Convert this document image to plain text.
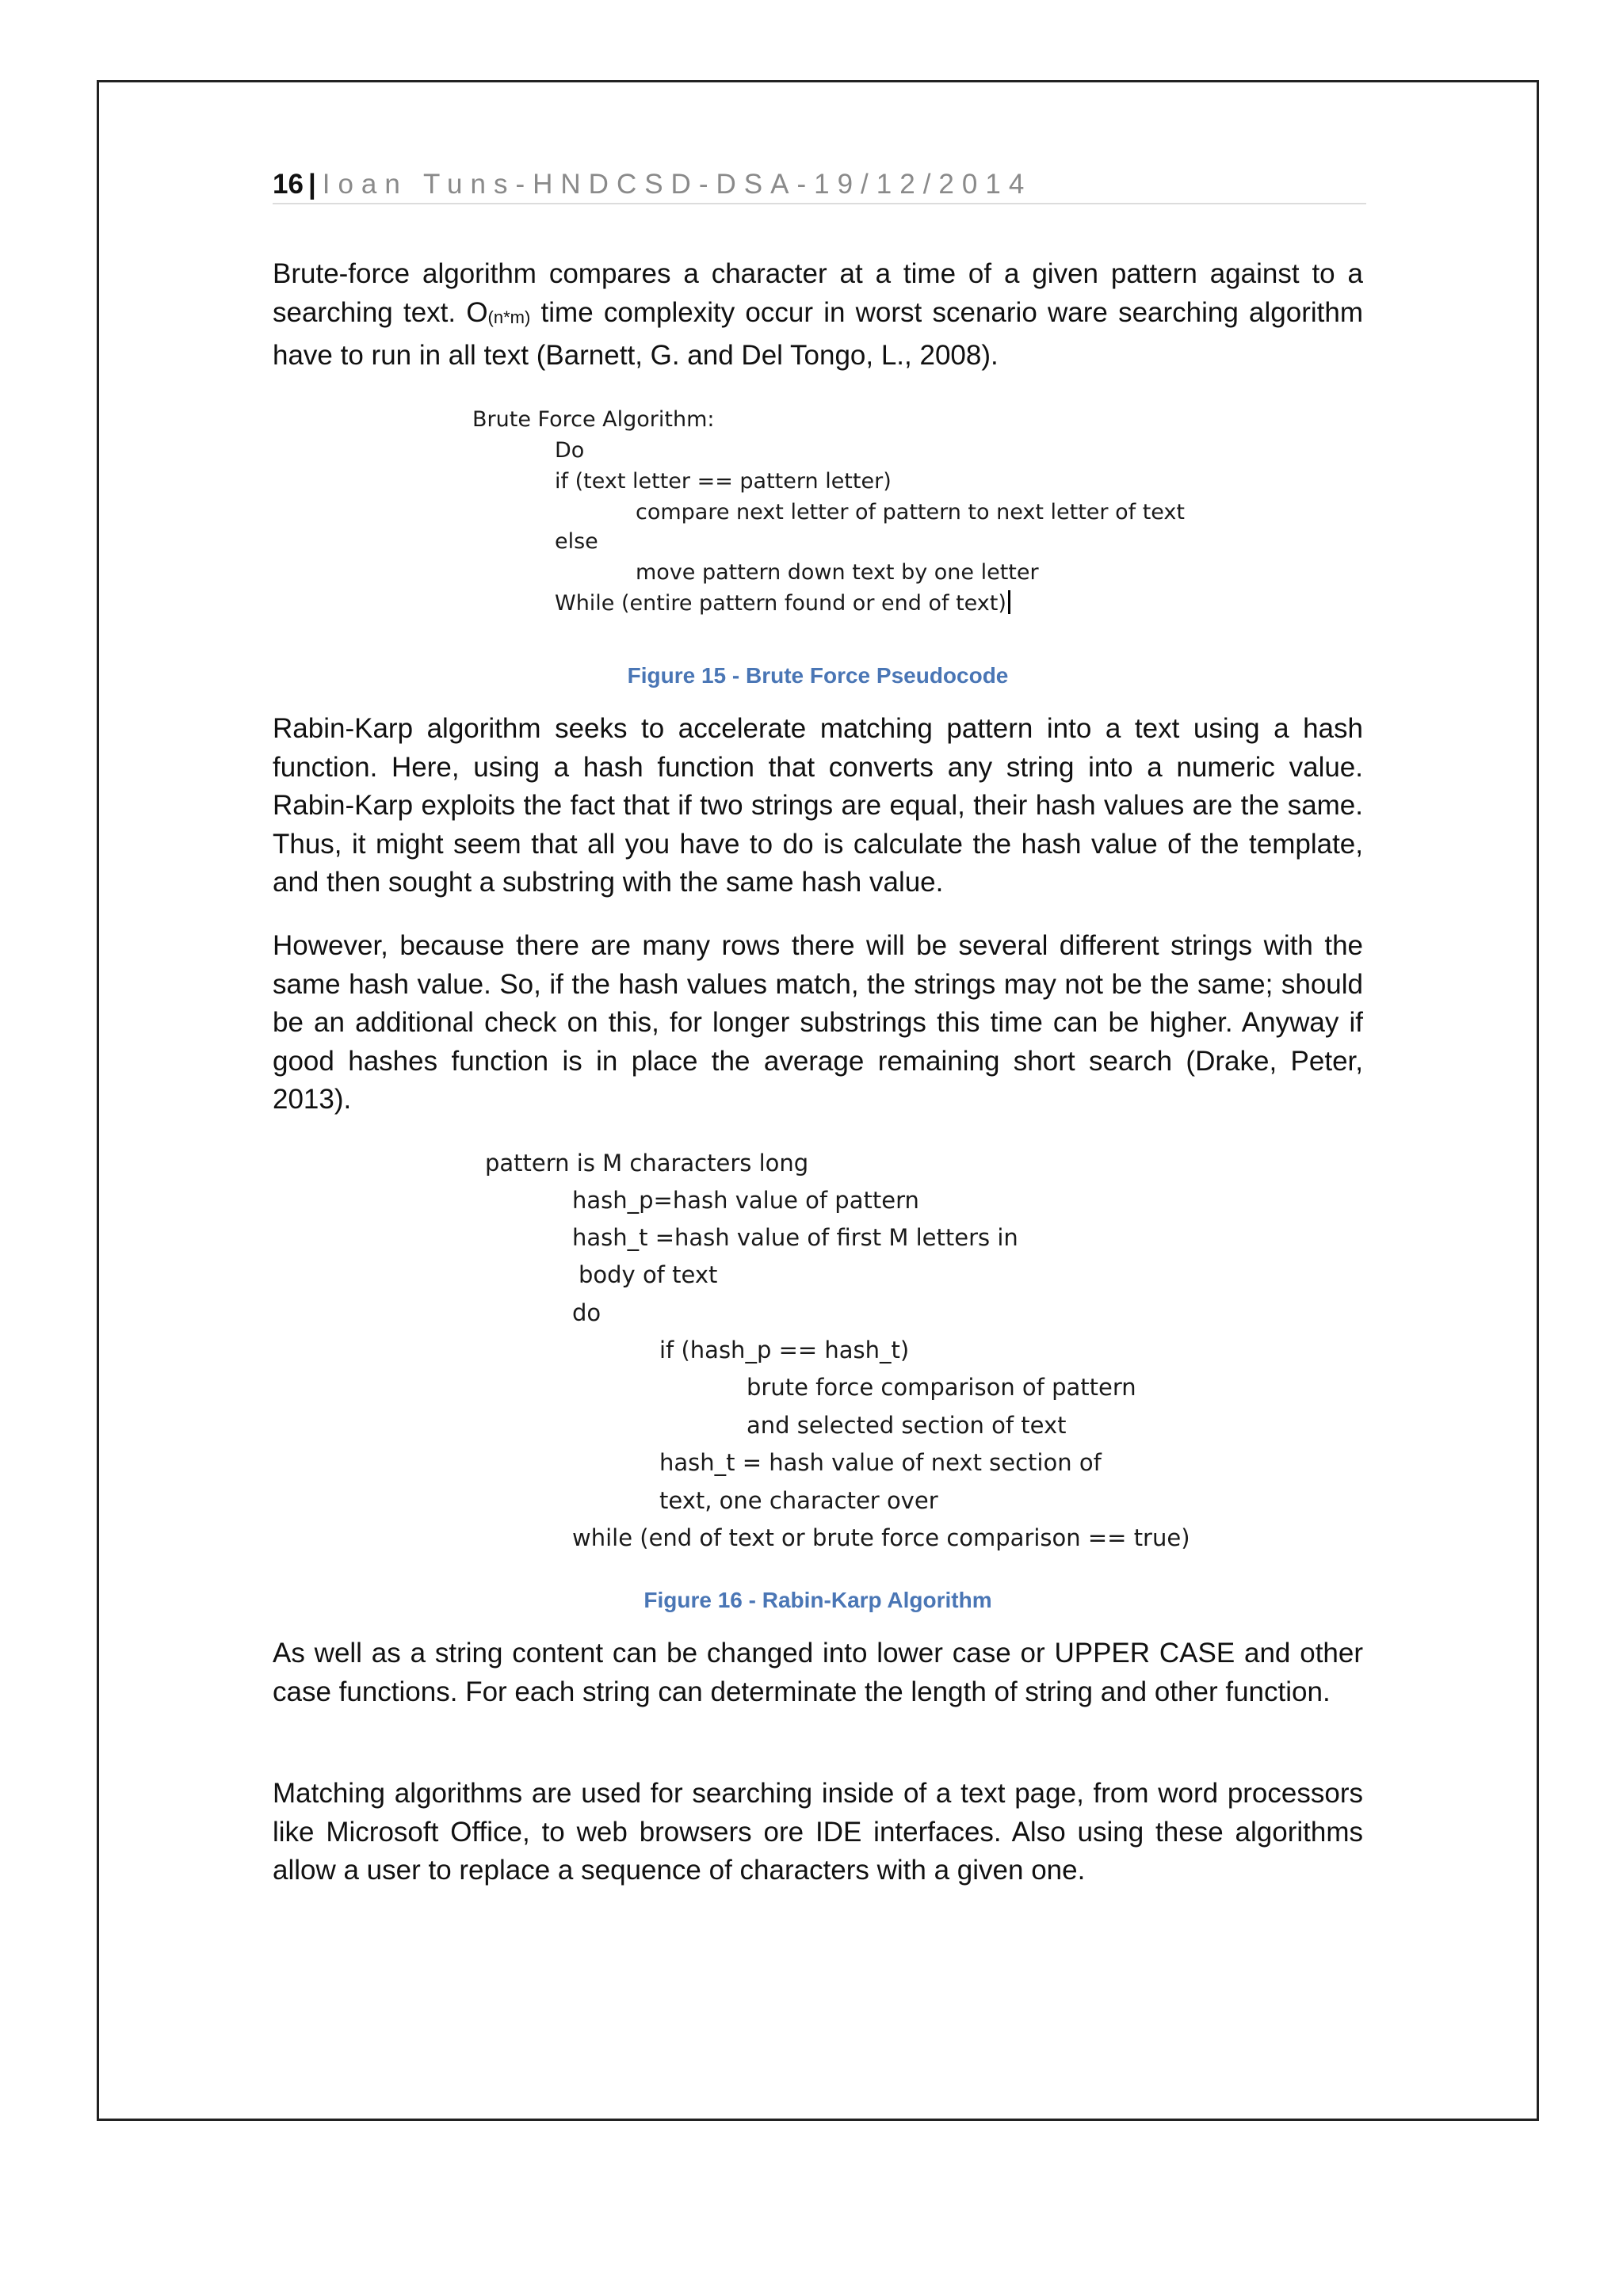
16 | Ioan Tuns-HNDCSD-DSA-19/12/2014

Brute-force algorithm compares a character at a time of a given pattern against to a searching text. $O_{(n*m)}$ time complexity occur in worst scenario ware searching algorithm have to run in all text (Barnett, G. and Del Tongo, L., 2008).

Brute Force Algorithm:
Do
if (text letter == pattern letter)
compare next letter of pattern to next letter of text
else
move pattern down text by one letter
While (entire pattern found or end of text)
Figure 15 - Brute Force Pseudocode

Rabin-Karp algorithm seeks to accelerate matching pattern into a text using a hash function. Here, using a hash function that converts any string into a numeric value. Rabin-Karp exploits the fact that if two strings are equal, their hash values are the same. Thus, it might seem that all you have to do is calculate the hash value of the template, and then sought a substring with the same hash value.

However, because there are many rows there will be several different strings with the same hash value. So, if the hash values match, the strings may not be the same; should be an additional check on this, for longer substrings this time can be higher. Anyway if good hashes function is in place the average remaining short search (Drake, Peter, 2013).

pattern is M characters long
hash_p=hash value of pattern
hash_t =hash value of first M letters in
body of text
do
if (hash_p == hash_t)
brute force comparison of pattern
and selected section of text
hash_t = hash value of next section of
text, one character over
while (end of text or brute force comparison == true)
Figure 16 - Rabin-Karp Algorithm

As well as a string content can be changed into lower case or UPPER CASE and other case functions. For each string can determinate the length of string and other function.

Matching algorithms are used for searching inside of a text page, from word processors like Microsoft Office, to web browsers ore IDE interfaces. Also using these algorithms allow a user to replace a sequence of characters with a given one.
